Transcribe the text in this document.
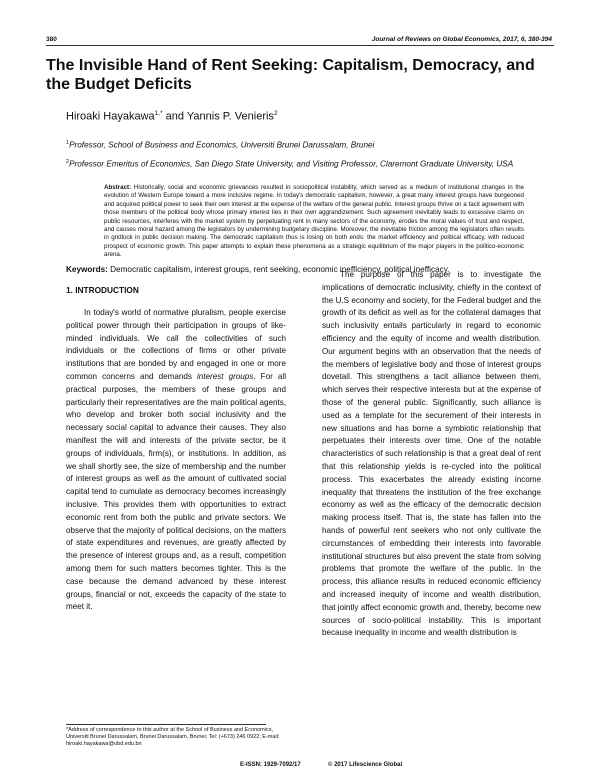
380	Journal of Reviews on Global Economics, 2017, 6, 380-394
The Invisible Hand of Rent Seeking: Capitalism, Democracy, and the Budget Deficits
Hiroaki Hayakawa$^{1,*}$ and Yannis P. Venieris$^2$
$^1$Professor, School of Business and Economics, Universiti Brunei Darussalam, Brunei
$^2$Professor Emeritus of Economics, San Diego State University, and Visiting Professor, Claremont Graduate University, USA
Abstract: Historically, social and economic grievances resulted in sociopolitical instability, which served as a medium of institutional changes in the evolution of Western Europe toward a more inclusive regime. In today's democratic capitalism, however, a great many interest groups have burgeoned and acquired political power to seek their own interest at the expense of the welfare of the general public. Interest groups thrive on a tacit agreement with those members of the political body whose primary interest lies in their own aggrandizement. Such agreement inevitably leads to excessive claims on public resources, interferes with the market system by perpetuating rent in many sectors of the economy, erodes the moral values of trust and respect, and causes moral hazard among the legislators by undermining budgetary discipline. Moreover, the inevitable friction among the legislators often results in gridlock in public decision making. The democratic capitalism thus is losing on both ends: the market efficiency and political efficacy, with reduced prospect of economic growth. This paper attempts to explain these phenomena as a strategic equilibrium of the major players in the politico-economic arena.
Keywords: Democratic capitalism, interest groups, rent seeking, economic inefficiency, political inefficacy.
1. INTRODUCTION
In today's world of normative pluralism, people exercise political power through their participation in groups of like-minded individuals. We call the collectivities of such individuals or the collections of firms or other private institutions that are bonded by and engaged in one or more common concerns and demands interest groups. For all practical purposes, the members of these groups and particularly their representatives are the main political agents, who develop and broker both social inclusivity and the necessary social capital to advance their causes. They also manifest the will and interests of the private sector, be it groups of individuals, firm(s), or institutions. In addition, as we shall shortly see, the size of membership and the number of interest groups as well as the amount of cultivated social capital tend to cumulate as democracy becomes increasingly inclusive. This provides them with opportunities to extract economic rent from both the public and private sectors. We observe that the majority of political decisions, on the matters of state expenditures and revenues, are greatly affected by the presence of interest groups and, as a result, competition among them for such matters becomes tighter. This is the case because the demand advanced by these interest groups, financial or not, exceeds the capacity of the state to meet it.
The purpose of this paper is to investigate the implications of democratic inclusivity, chiefly in the context of the U.S economy and society, for the Federal budget and the growth of its deficit as well as for the collateral damages that such inclusivity entails particularly in regard to economic efficiency and the equity of income and wealth distribution. Our argument begins with an observation that the needs of the members of legislative body and those of interest groups dovetail. This strengthens a tacit alliance between them, which serves their respective interests but at the expense of those of the general public. Significantly, such alliance is used as a template for the securement of their interests in new situations and has borne a symbiotic relationship that perpetuates their interests over time. One of the notable characteristics of such relationship is that a great deal of rent that this relationship yields is re-cycled into the political process. This exacerbates the already existing income inequality that threatens the institution of the free exchange economy as well as the efficacy of the democratic decision making process itself. That is, the state has fallen into the hands of powerful rent seekers who not only cultivate the circumstances of embedding their interests into favorable institutional structures but also prevent the state from solving problems that promote the welfare of the public. In the process, this alliance results in reduced economic efficiency and increased inequity of income and wealth distribution, that jointly affect economic growth and, thereby, become new sources of socio-political instability. This is important because inequality in income and wealth distribution is
*Address of correspondence to this author at the School of Business and Economics, Universiti Brunei Darussalam, Brunei Darussalam, Brunei; Tel: (+673) 246 0922; E-mail: hiroaki.hayakawa@ubd.edu.bn
E-ISSN: 1929-7092/17	© 2017 Lifescience Global
